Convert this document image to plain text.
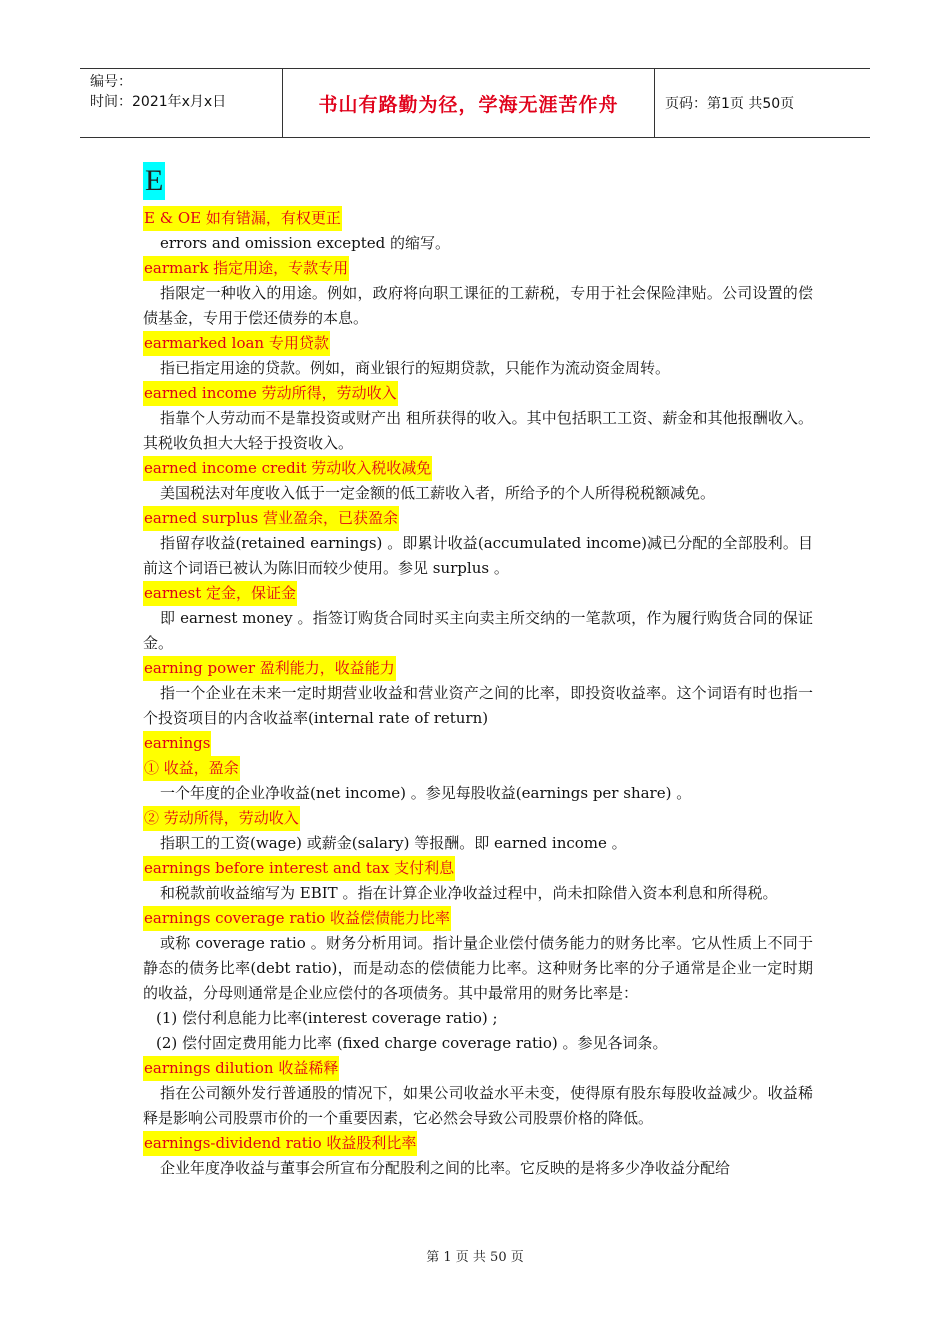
编号：
时间：2021年x月x日	书山有路勤为径，学海无涯苦作舟	页码：第1页 共50页
E
E & OE 如有错漏，有权更正

errors and omission excepted 的缩写。

earmark 指定用途，专款专用

指限定一种收入的用途。例如，政府将向职工课征的工薪税，专用于社会保险津贴。公司设置的偿债基金，专用于偿还债券的本息。

earmarked loan 专用贷款

指已指定用途的贷款。例如，商业银行的短期贷款，只能作为流动资金周转。

earned income 劳动所得，劳动收入

指靠个人劳动而不是靠投资或财产出 租所获得的收入。其中包括职工工资、薪金和其他报酬收入。其税收负担大大轻于投资收入。

earned income credit 劳动收入税收减免

美国税法对年度收入低于一定金额的低工薪收入者，所给予的个人所得税税额减免。

earned surplus 营业盈余，已获盈余

指留存收益(retained earnings) 。即累计收益(accumulated income)减已分配的全部股利。目前这个词语已被认为陈旧而较少使用。参见 surplus 。

earnest 定金，保证金

即 earnest money 。指签订购货合同时买主向卖主所交纳的一笔款项，作为履行购货合同的保证金。

earning power 盈利能力，收益能力

指一个企业在未来一定时期营业收益和营业资产之间的比率，即投资收益率。这个词语有时也指一个投资项目的内含收益率(internal rate of return)

earnings
① 收益，盈余

一个年度的企业净收益(net income) 。参见每股收益(earnings per share) 。

② 劳动所得，劳动收入

指职工的工资(wage) 或薪金(salary) 等报酬。即 earned income 。

earnings before interest and tax 支付利息

和税款前收益缩写为 EBIT 。指在计算企业净收益过程中，尚未扣除借入资本利息和所得税。

earnings coverage ratio 收益偿债能力比率

或称 coverage ratio 。财务分析用词。指计量企业偿付债务能力的财务比率。它从性质上不同于静态的债务比率(debt ratio)，而是动态的偿债能力比率。这种财务比率的分子通常是企业一定时期的收益，分母则通常是企业应偿付的各项债务。其中最常用的财务比率是：

(1) 偿付利息能力比率(interest coverage ratio) ;

(2) 偿付固定费用能力比率 (fixed charge coverage ratio) 。参见各词条。

earnings dilution 收益稀释

指在公司额外发行普通股的情况下，如果公司收益水平未变，使得原有股东每股收益减少。收益稀释是影响公司股票市价的一个重要因素，它必然会导致公司股票价格的降低。

earnings-dividend ratio 收益股利比率

企业年度净收益与董事会所宣布分配股利之间的比率。它反映的是将多少净收益分配给

第 1 页 共 50 页
